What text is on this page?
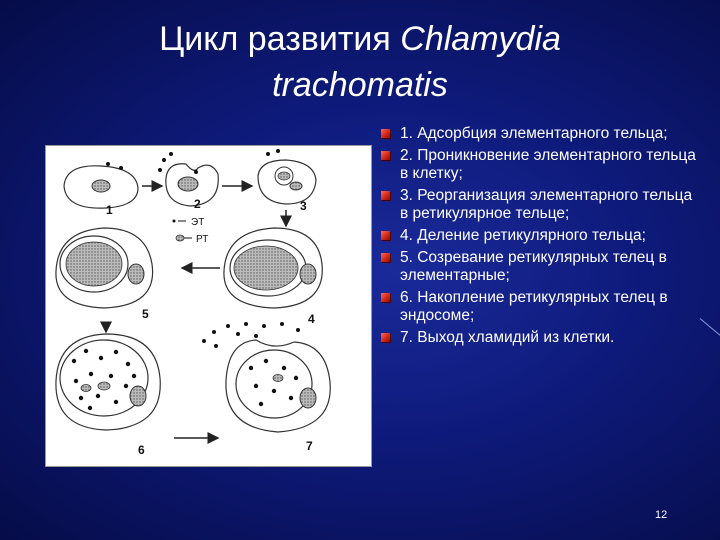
Цикл развития Chlamydia
trachomatis
ЭТ
РТ
1	2	3
4
5
6	7
1. Адсорбция элементарного тельца;
2. Проникновение элементарного тельца в клетку;
3. Реорганизация элементарного тельца в ретикулярное тельце;
4. Деление ретикулярного тельца;
5. Созревание ретикулярных телец в элементарные;
6. Накопление ретикулярных телец в эндосоме;
7. Выход хламидий из клетки.
12
